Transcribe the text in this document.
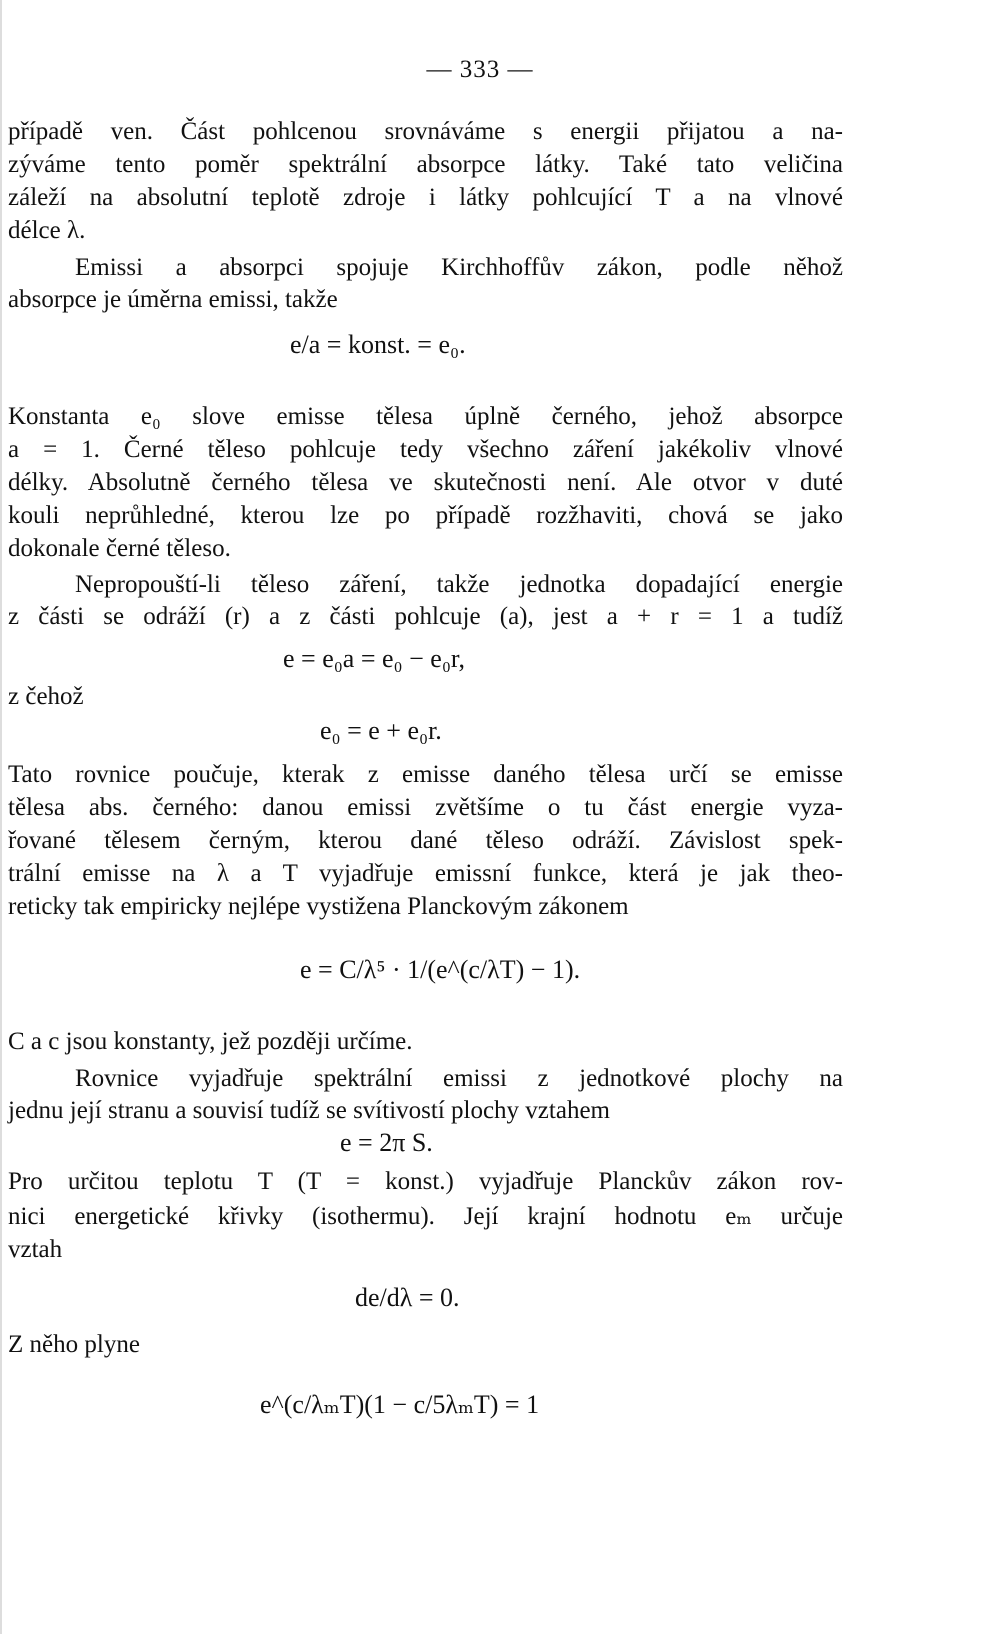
— 333 —
případě ven. Část pohlcenou srovnáváme s energii přijatou a na-
zýváme tento poměr spektrální absorpce látky. Také tato veličina
záleží na absolutní teplotě zdroje i látky pohlcující T a na vlnové
délce λ.
Emissi a absorpci spojuje Kirchhoffův zákon, podle něhož
absorpce je úměrna emissi, takže
e/a = konst. = e₀.
Konstanta e₀ slove emisse tělesa úplně černého, jehož absorpce
a = 1. Černé těleso pohlcuje tedy všechno záření jakékoliv vlnové
délky. Absolutně černého tělesa ve skutečnosti není. Ale otvor v duté
kouli neprůhledné, kterou lze po případě rozžhaviti, chová se jako
dokonale černé těleso.
Nepropouští-li těleso záření, takže jednotka dopadající energie
z části se odráží (r) a z části pohlcuje (a), jest a + r = 1 a tudíž
e = e₀a = e₀ − e₀r,
z čehož
e₀ = e + e₀r.
Tato rovnice poučuje, kterak z emisse daného tělesa určí se emisse
tělesa abs. černého: danou emissi zvětšíme o tu část energie vyza-
řované tělesem černým, kterou dané těleso odráží. Závislost spek-
trální emisse na λ a T vyjadřuje emissní funkce, která je jak theo-
reticky tak empiricky nejlépe vystižena Planckovým zákonem
e = C/λ⁵ · 1/(e^(c/λT) − 1).
C a c jsou konstanty, jež později určíme.
Rovnice vyjadřuje spektrální emissi z jednotkové plochy na
jednu její stranu a souvisí tudíž se svítivostí plochy vztahem
e = 2π S.
Pro určitou teplotu T (T = konst.) vyjadřuje Planckův zákon rov-
nici energetické křivky (isothermu). Její krajní hodnotu eₘ určuje
vztah
de/dλ = 0.
Z něho plyne
e^(c/λₘT)(1 − c/5λₘT) = 1
